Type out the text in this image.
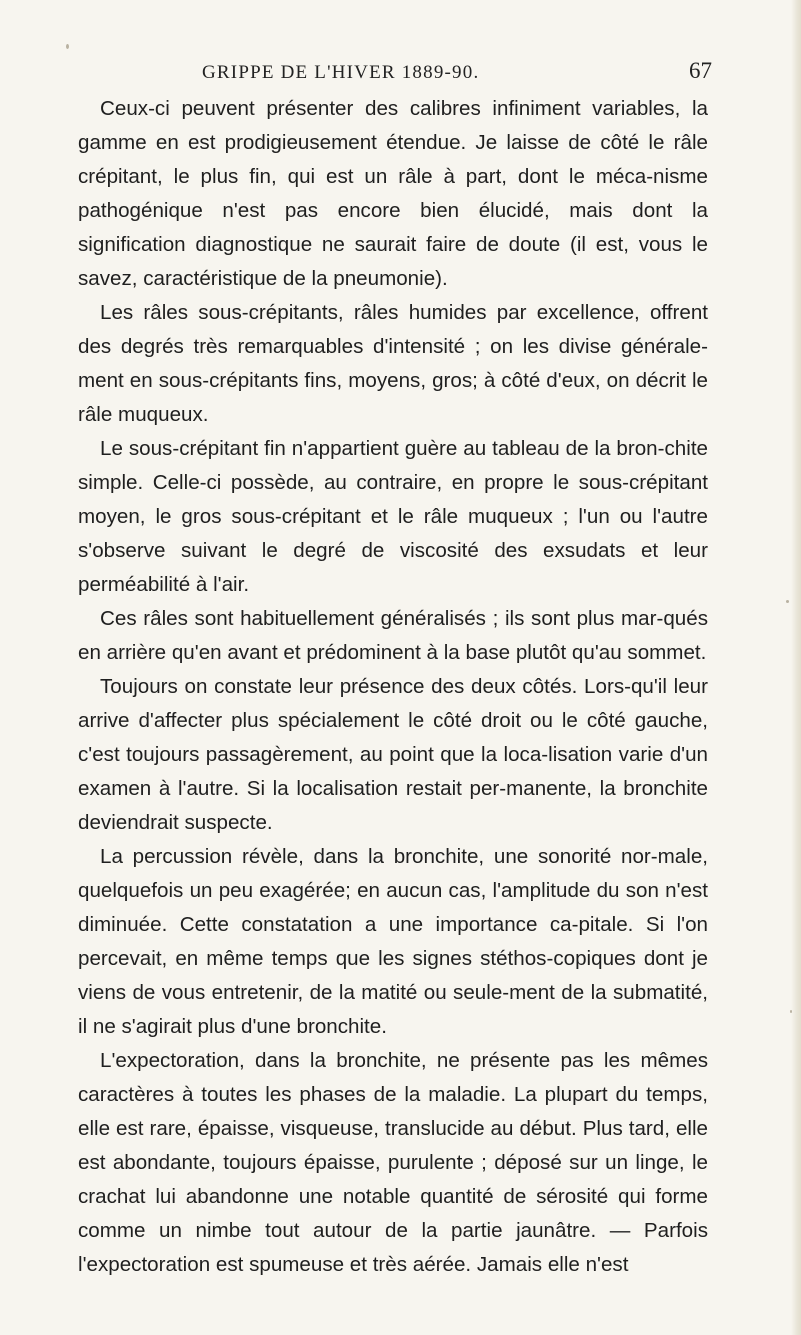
GRIPPE DE L'HIVER 1889-90.	67

Ceux-ci peuvent présenter des calibres infiniment variables, la gamme en est prodigieusement étendue. Je laisse de côté le râle crépitant, le plus fin, qui est un râle à part, dont le méca-nisme pathogénique n'est pas encore bien élucidé, mais dont la signification diagnostique ne saurait faire de doute (il est, vous le savez, caractéristique de la pneumonie).

Les râles sous-crépitants, râles humides par excellence, offrent des degrés très remarquables d'intensité ; on les divise générale-ment en sous-crépitants fins, moyens, gros; à côté d'eux, on décrit le râle muqueux.

Le sous-crépitant fin n'appartient guère au tableau de la bron-chite simple. Celle-ci possède, au contraire, en propre le sous-crépitant moyen, le gros sous-crépitant et le râle muqueux ; l'un ou l'autre s'observe suivant le degré de viscosité des exsudats et leur perméabilité à l'air.

Ces râles sont habituellement généralisés ; ils sont plus mar-qués en arrière qu'en avant et prédominent à la base plutôt qu'au sommet.

Toujours on constate leur présence des deux côtés. Lors-qu'il leur arrive d'affecter plus spécialement le côté droit ou le côté gauche, c'est toujours passagèrement, au point que la loca-lisation varie d'un examen à l'autre. Si la localisation restait per-manente, la bronchite deviendrait suspecte.

La percussion révèle, dans la bronchite, une sonorité nor-male, quelquefois un peu exagérée; en aucun cas, l'amplitude du son n'est diminuée. Cette constatation a une importance ca-pitale. Si l'on percevait, en même temps que les signes stéthos-copiques dont je viens de vous entretenir, de la matité ou seule-ment de la submatité, il ne s'agirait plus d'une bronchite.

L'expectoration, dans la bronchite, ne présente pas les mêmes caractères à toutes les phases de la maladie. La plupart du temps, elle est rare, épaisse, visqueuse, translucide au début. Plus tard, elle est abondante, toujours épaisse, purulente ; déposé sur un linge, le crachat lui abandonne une notable quantité de sérosité qui forme comme un nimbe tout autour de la partie jaunâtre. — Parfois l'expectoration est spumeuse et très aérée. Jamais elle n'est
